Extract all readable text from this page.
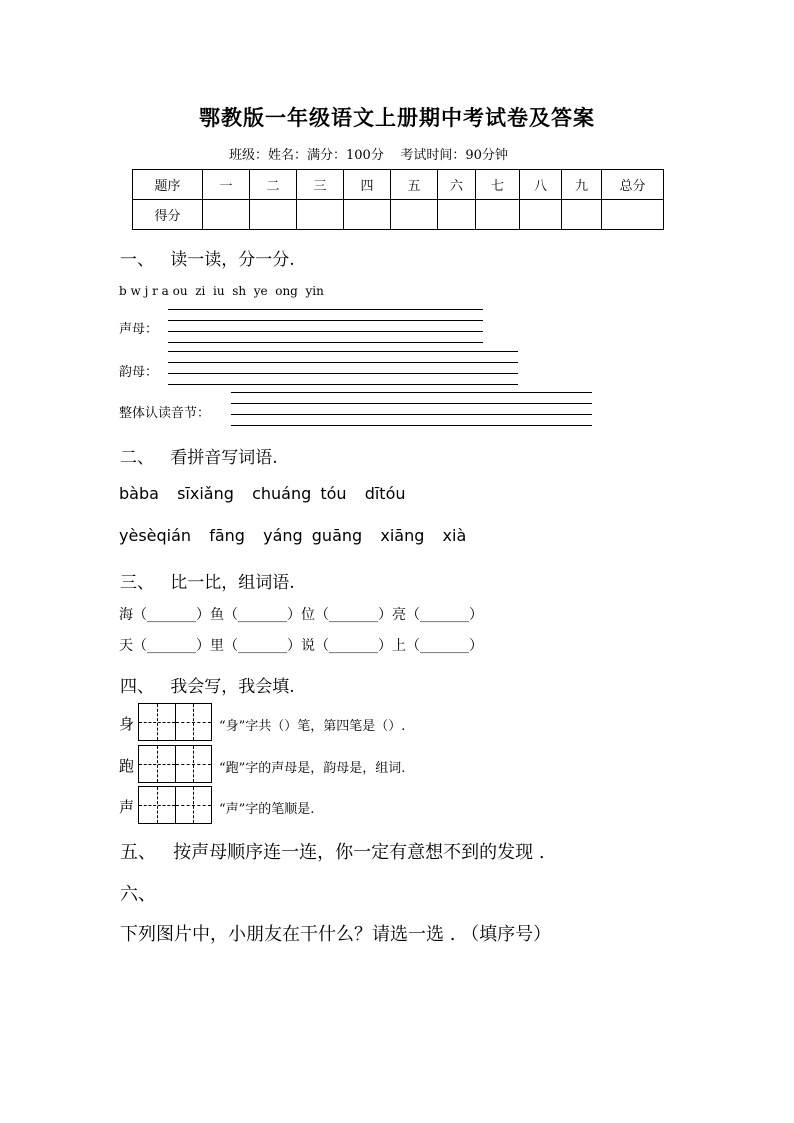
鄂教版一年级语文上册期中考试卷及答案
班级：姓名：满分：100分    考试时间：90分钟
题序	一	二	三	四	五	六	七	八	九	总分
得分										
一、   读一读，分一分.
b w j r a ou  zi  iu  sh  ye  ong  yin
声母：
韵母：
整体认读音节：
二、   看拼音写词语.
bàba  sīxiǎng  chuáng tóu  dītóu
yèsèqián  fāng  yáng guāng  xiāng  xià
三、   比一比，组词语.
海（_______）鱼（_______）位（_______）亮（_______）
天（_______）里（_______）说（_______）上（_______）
四、   我会写，我会填.
身	“身”字共（）笔，第四笔是（）.
跑	“跑”字的声母是，韵母是，组词.
声	“声”字的笔顺是.
五、   按声母顺序连一连，你一定有意想不到的发现 .
六、
下列图片中，小朋友在干什么？请选一选 . （填序号）
